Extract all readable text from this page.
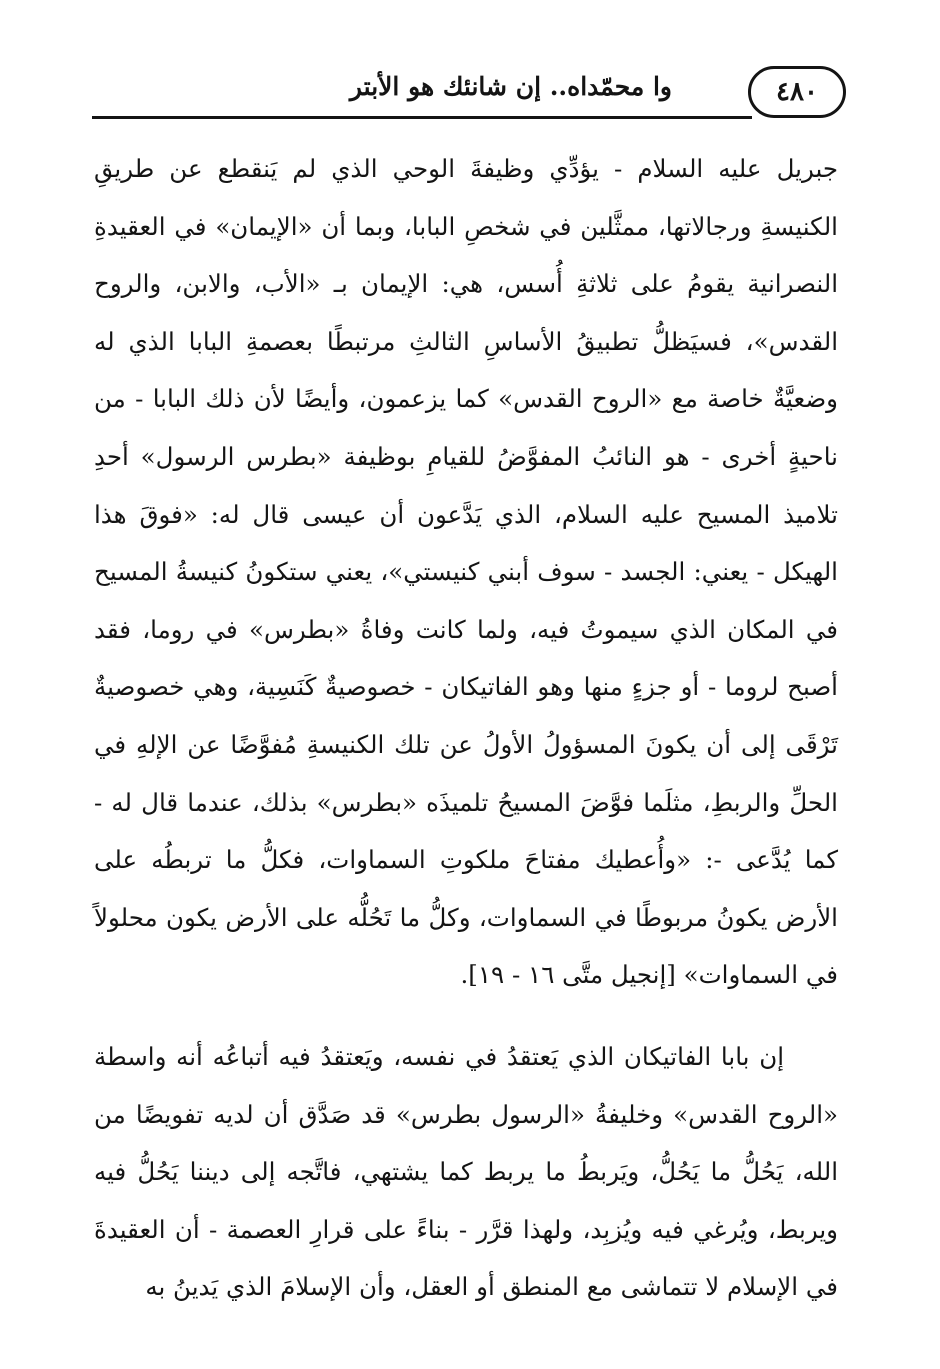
وا محمّداه.. إن شانئك هو الأبتر	٤٨٠

جبريل عليه السلام - يؤدِّي وظيفةَ الوحي الذي لم يَنقطع عن طريقِ الكنيسةِ ورجالاتها، ممثَّلين في شخصِ البابا، وبما أن «الإيمان» في العقيدةِ النصرانية يقومُ على ثلاثةِ أُسس، هي: الإيمان بـ «الأب، والابن، والروح القدس»، فسيَظلُّ تطبيقُ الأساسِ الثالثِ مرتبطًا بعصمةِ البابا الذي له وضعيَّةٌ خاصة مع «الروح القدس» كما يزعمون، وأيضًا لأن ذلك البابا - من ناحيةٍ أخرى - هو النائبُ المفوَّضُ للقيامِ بوظيفة «بطرس الرسول» أحدِ تلاميذ المسيح عليه السلام، الذي يَدَّعون أن عيسى قال له: «فوقَ هذا الهيكل - يعني: الجسد - سوف أبني كنيستي»، يعني ستكونُ كنيسةُ المسيح في المكان الذي سيموتُ فيه، ولما كانت وفاةُ «بطرس» في روما، فقد أصبح لروما - أو جزءٍ منها وهو الفاتيكان - خصوصيةٌ كَنَسِية، وهي خصوصيةٌ تَرْقَى إلى أن يكونَ المسؤولُ الأولُ عن تلك الكنيسةِ مُفوَّضًا عن الإلهِ في الحلِّ والربطِ، مثلَما فوَّضَ المسيحُ تلميذَه «بطرس» بذلك، عندما قال له - كما يُدَّعى -: «وأُعطيك مفتاحَ ملكوتِ السماوات، فكلُّ ما تربطُه على الأرض يكونُ مربوطًا في السماوات، وكلُّ ما تَحُلُّه على الأرض يكون محلولاً في السماوات» [إنجيل متَّى ١٦ - ١٩].

إن بابا الفاتيكان الذي يَعتقدُ في نفسه، ويَعتقدُ فيه أتباعُه أنه واسطة «الروح القدس» وخليفةُ «الرسول بطرس» قد صَدَّق أن لديه تفويضًا من الله، يَحُلُّ ما يَحُلُّ، ويَربطُ ما يربط كما يشتهي، فاتَّجه إلى ديننا يَحُلُّ فيه ويربط، ويُرغي فيه ويُزبِد، ولهذا قرَّر - بناءً على قرارِ العصمة - أن العقيدةَ في الإسلام لا تتماشى مع المنطق أو العقل، وأن الإسلامَ الذي يَدينُ به
